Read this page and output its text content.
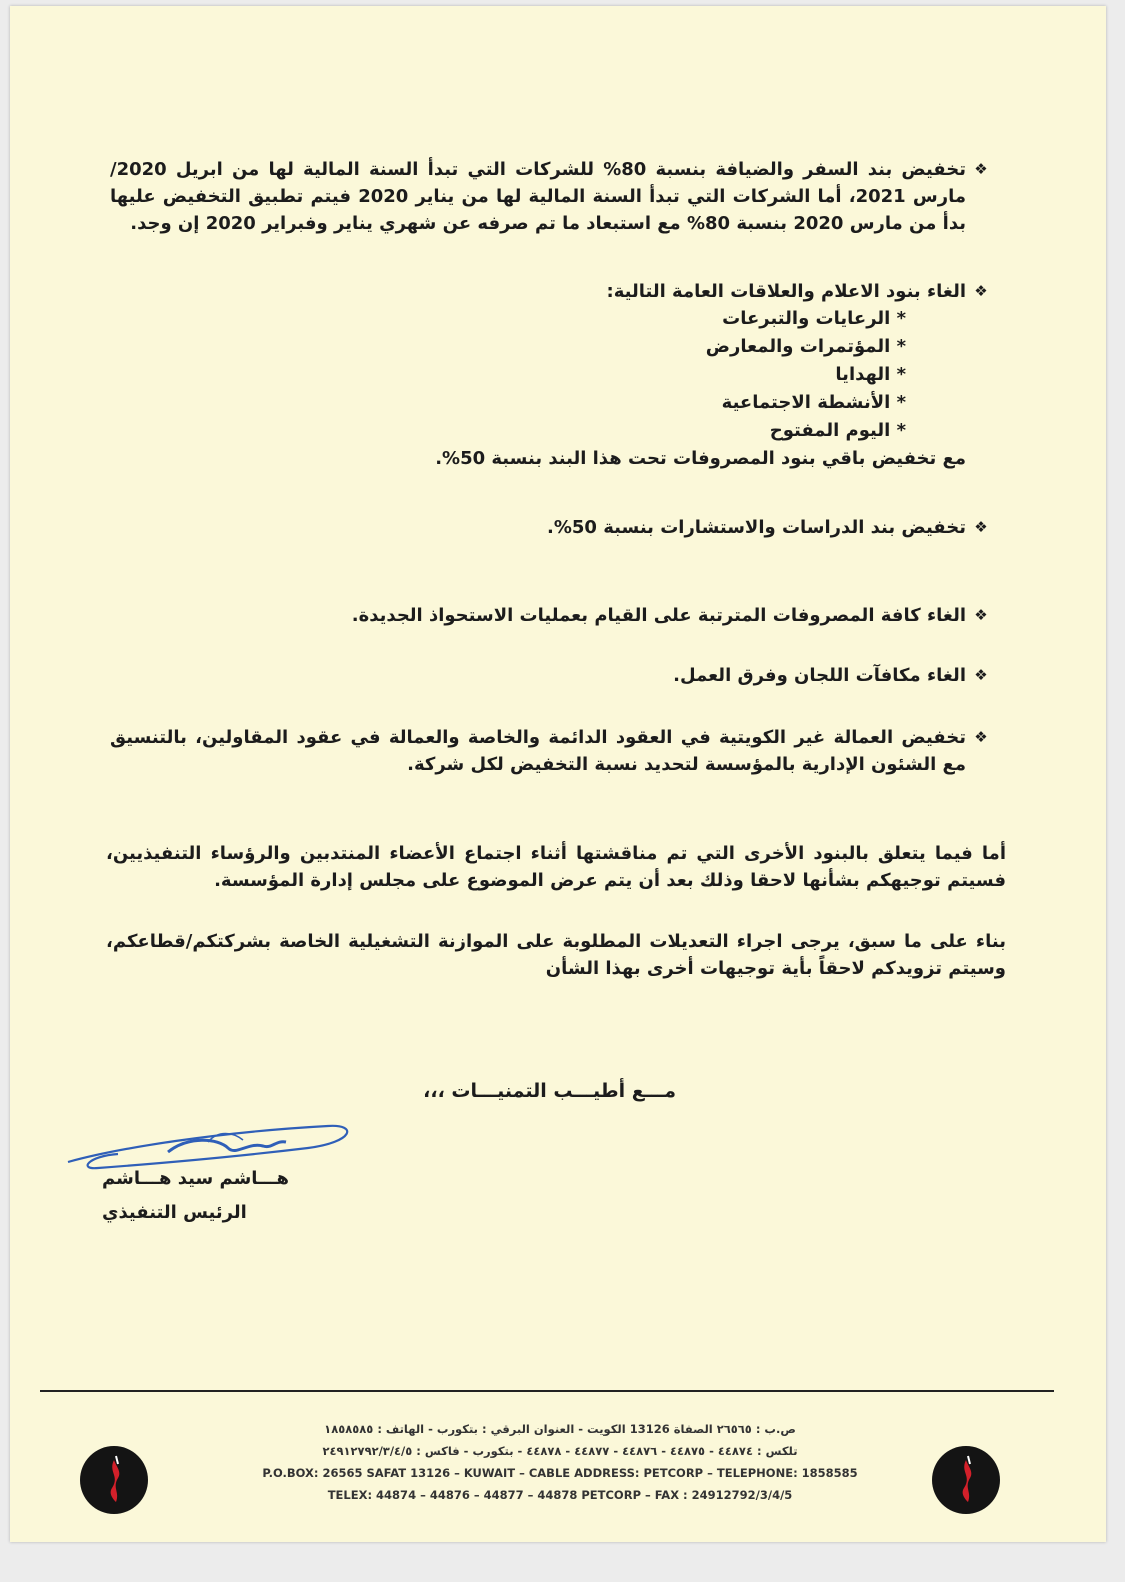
❖
تخفيض بند السفر والضيافة بنسبة 80% للشركات التي تبدأ السنة المالية لها من ابريل 2020/ مارس 2021، أما الشركات التي تبدأ السنة المالية لها من يناير 2020 فيتم تطبيق التخفيض عليها بدأ من مارس 2020 بنسبة 80% مع استبعاد ما تم صرفه عن شهري يناير وفبراير 2020 إن وجد.
❖
الغاء بنود الاعلام والعلاقات العامة التالية:
* الرعايات والتبرعات
* المؤتمرات والمعارض
* الهدايا
* الأنشطة الاجتماعية
* اليوم المفتوح
مع تخفيض باقي بنود المصروفات تحت هذا البند بنسبة 50%.
❖
تخفيض بند الدراسات والاستشارات بنسبة 50%.
❖
الغاء كافة المصروفات المترتبة على القيام بعمليات الاستحواذ الجديدة.
❖
الغاء مكافآت اللجان وفرق العمل.
❖
تخفيض العمالة غير الكويتية في العقود الدائمة والخاصة والعمالة في عقود المقاولين، بالتنسيق مع الشئون الإدارية بالمؤسسة لتحديد نسبة التخفيض لكل شركة.
أما فيما يتعلق بالبنود الأخرى التي تم مناقشتها أثناء اجتماع الأعضاء المنتدبين والرؤساء التنفيذيين، فسيتم توجيهكم بشأنها لاحقا وذلك بعد أن يتم عرض الموضوع على مجلس إدارة المؤسسة.
بناء على ما سبق، يرجى اجراء التعديلات المطلوبة على الموازنة التشغيلية الخاصة بشركتكم/قطاعكم، وسيتم تزويدكم لاحقاً بأية توجيهات أخرى بهذا الشأن
مـــع أطيـــب التمنيـــات ،،،
هـــاشم سيد هـــاشم
الرئيس التنفيذي
ص.ب : ٢٦٥٦٥ الصفاة 13126 الكويت - العنوان البرقي : بتكورب - الهاتف : ١٨٥٨٥٨٥
تلكس : ٤٤٨٧٤ - ٤٤٨٧٥ - ٤٤٨٧٦ - ٤٤٨٧٧ - ٤٤٨٧٨ - بتكورب - فاكس : ٢٤٩١٢٧٩٢/٣/٤/٥
P.O.BOX: 26565 SAFAT 13126 – KUWAIT – CABLE ADDRESS: PETCORP – TELEPHONE: 1858585
TELEX: 44874 – 44876 – 44877 – 44878 PETCORP – FAX : 24912792/3/4/5
